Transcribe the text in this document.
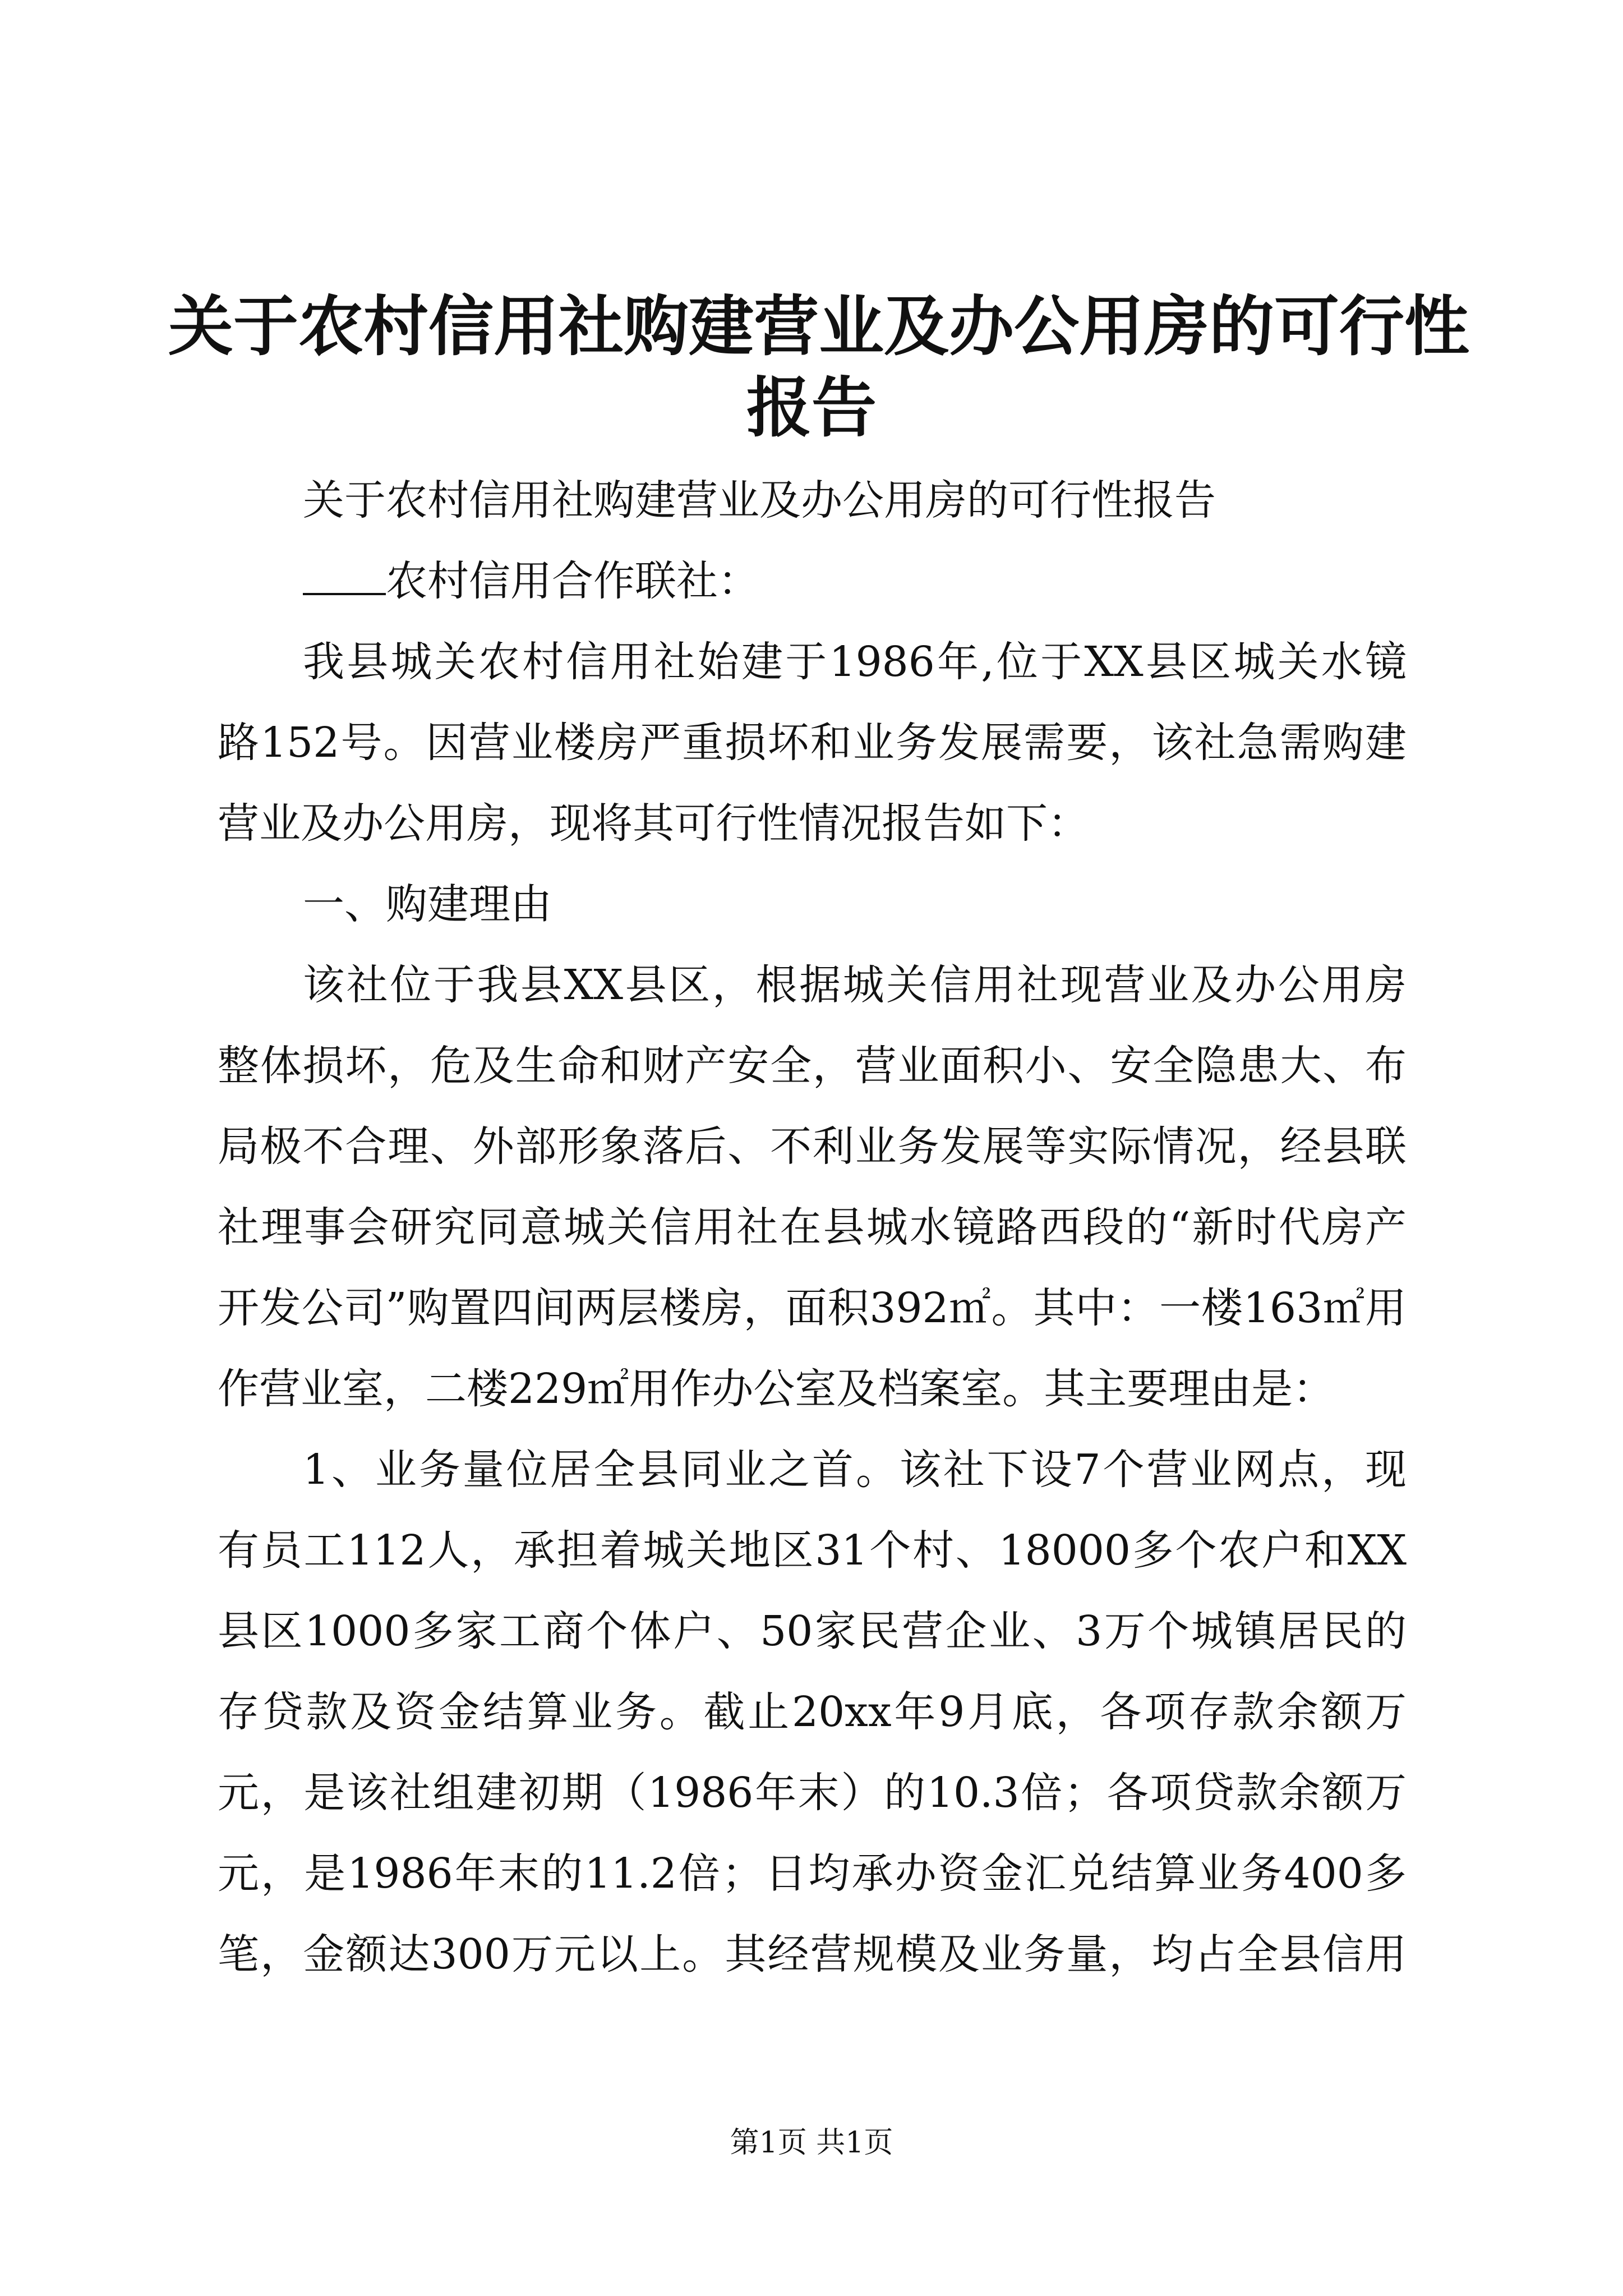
关于农村信用社购建营业及办公用房的可行性
报告
关于农村信用社购建营业及办公用房的可行性报告
农村信用合作联社：
我县城关农村信用社始建于1986年,位于XX县区城关水镜
路152号。因营业楼房严重损坏和业务发展需要，该社急需购建
营业及办公用房，现将其可行性情况报告如下：
一、购建理由
该社位于我县XX县区，根据城关信用社现营业及办公用房
整体损坏，危及生命和财产安全，营业面积小、安全隐患大、布
局极不合理、外部形象落后、不利业务发展等实际情况，经县联
社理事会研究同意城关信用社在县城水镜路西段的“新时代房产
开发公司”购置四间两层楼房，面积392㎡。其中：一楼163㎡用
作营业室，二楼229㎡用作办公室及档案室。其主要理由是：
1、业务量位居全县同业之首。该社下设7个营业网点，现
有员工112人，承担着城关地区31个村、18000多个农户和XX
县区1000多家工商个体户、50家民营企业、3万个城镇居民的
存贷款及资金结算业务。截止20xx年9月底，各项存款余额万
元，是该社组建初期（1986年末）的10.3倍；各项贷款余额万
元，是1986年末的11.2倍；日均承办资金汇兑结算业务400多
笔，金额达300万元以上。其经营规模及业务量，均占全县信用
第1页 共1页
